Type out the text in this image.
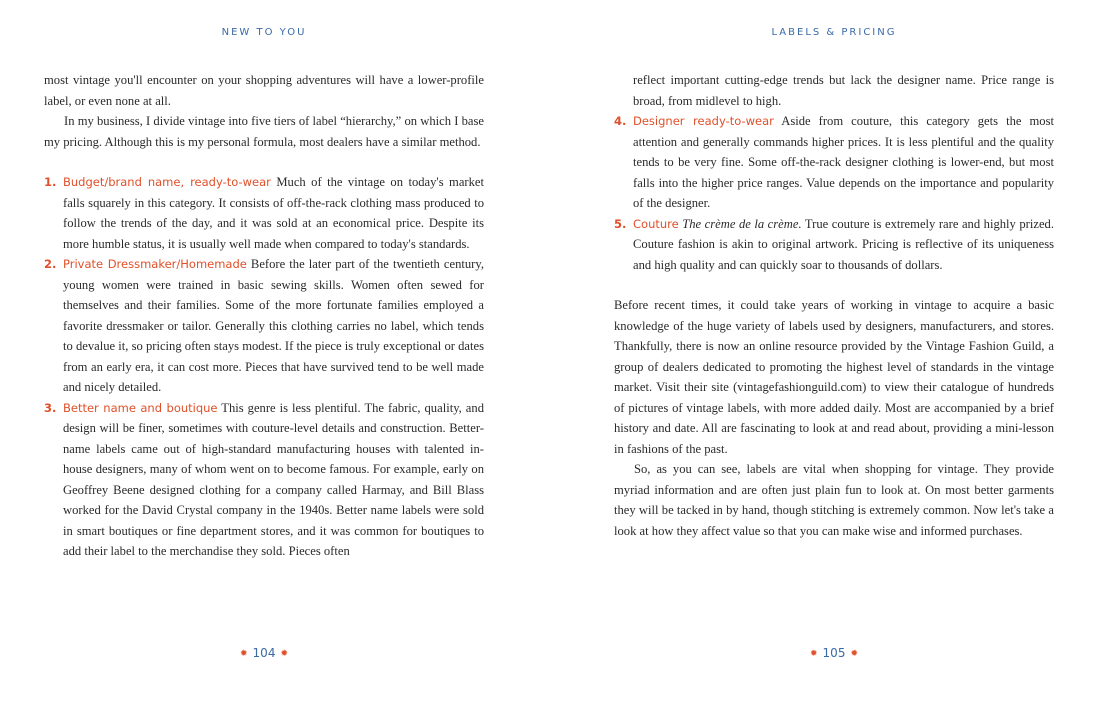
NEW TO YOU

most vintage you'll encounter on your shopping adventures will have a lower-profile label, or even none at all.

In my business, I divide vintage into five tiers of label “hierarchy,” on which I base my pricing. Although this is my personal formula, most dealers have a similar method.

1. Budget/brand name, ready-to-wear Much of the vintage on today's market falls squarely in this category. It consists of off-the-rack clothing mass produced to follow the trends of the day, and it was sold at an economical price. Despite its more humble status, it is usually well made when compared to today's standards.
2. Private Dressmaker/Homemade Before the later part of the twentieth century, young women were trained in basic sewing skills. Women often sewed for themselves and their families. Some of the more fortunate families employed a favorite dressmaker or tailor. Generally this clothing carries no label, which tends to devalue it, so pricing often stays modest. If the piece is truly exceptional or dates from an early era, it can cost more. Pieces that have survived tend to be well made and nicely detailed.
3. Better name and boutique This genre is less plentiful. The fabric, quality, and design will be finer, sometimes with couture-level details and construction. Better-name labels came out of high-standard manufacturing houses with talented in-house designers, many of whom went on to become famous. For example, early on Geoffrey Beene designed clothing for a company called Harmay, and Bill Blass worked for the David Crystal company in the 1940s. Better name labels were sold in smart boutiques or fine department stores, and it was common for boutiques to add their label to the merchandise they sold. Pieces often
✹ 104 ✹
LABELS & PRICING
reflect important cutting-edge trends but lack the designer name. Price range is broad, from midlevel to high.
4. Designer ready-to-wear Aside from couture, this category gets the most attention and generally commands higher prices. It is less plentiful and the quality tends to be very fine. Some off-the-rack designer clothing is lower-end, but most falls into the higher price ranges. Value depends on the importance and popularity of the designer.
5. Couture The crème de la crème. True couture is extremely rare and highly prized. Couture fashion is akin to original artwork. Pricing is reflective of its uniqueness and high quality and can quickly soar to thousands of dollars.

Before recent times, it could take years of working in vintage to acquire a basic knowledge of the huge variety of labels used by designers, manufacturers, and stores. Thankfully, there is now an online resource provided by the Vintage Fashion Guild, a group of dealers dedicated to promoting the highest level of standards in the vintage market. Visit their site (vintagefashionguild.com) to view their catalogue of hundreds of pictures of vintage labels, with more added daily. Most are accompanied by a brief history and date. All are fascinating to look at and read about, providing a mini-lesson in fashions of the past.

So, as you can see, labels are vital when shopping for vintage. They provide myriad information and are often just plain fun to look at. On most better garments they will be tacked in by hand, though stitching is extremely common. Now let's take a look at how they affect value so that you can make wise and informed purchases.

✹ 105 ✹
